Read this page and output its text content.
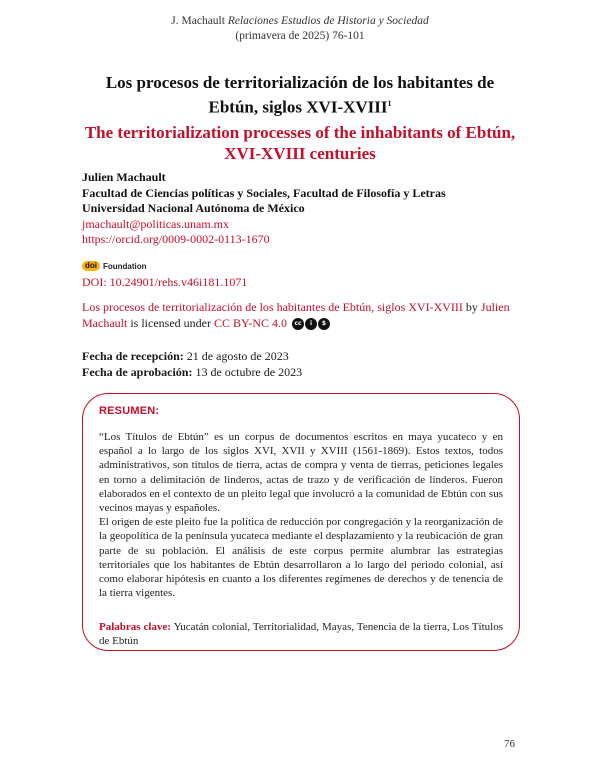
J. Machault Relaciones Estudios de Historia y Sociedad
(primavera de 2025) 76-101
Los procesos de territorialización de los habitantes de Ebtún, siglos XVI-XVIII$^1$
The territorialization processes of the inhabitants of Ebtún, XVI-XVIII centuries
Julien Machault
Facultad de Ciencias políticas y Sociales, Facultad de Filosofía y Letras
Universidad Nacional Autónoma de México
jmachault@politicas.unam.mx
https://orcid.org/0009-0002-0113-1670
doi Foundation
DOI: 10.24901/rehs.v46i181.1071
Los procesos de territorialización de los habitantes de Ebtún, siglos XVI-XVIII by Julien Machault is licensed under CC BY-NC 4.0	cc	i	$
Fecha de recepción: 21 de agosto de 2023
Fecha de aprobación: 13 de octubre de 2023
RESUMEN:

“Los Títulos de Ebtún” es un corpus de documentos escritos en maya yucateco y en español a lo largo de los siglos XVI, XVII y XVIII (1561-1869). Estos textos, todos administrativos, son títulos de tierra, actas de compra y venta de tierras, peticiones legales en torno a delimitación de linderos, actas de trazo y de verificación de linderos. Fueron elaborados en el contexto de un pleito legal que involucró a la comunidad de Ebtún con sus vecinos mayas y españoles.

El origen de este pleito fue la política de reducción por congregación y la reorganización de la geopolítica de la península yucateca mediante el desplazamiento y la reubicación de gran parte de su población. El análisis de este corpus permite alumbrar las estrategias territoriales que los habitantes de Ebtún desarrollaron a lo largo del periodo colonial, así como elaborar hipótesis en cuanto a los diferentes regímenes de derechos y de tenencia de la tierra vigentes.

Palabras clave: Yucatán colonial, Territorialidad, Mayas, Tenencia de la tierra, Los Títulos de Ebtún
76
